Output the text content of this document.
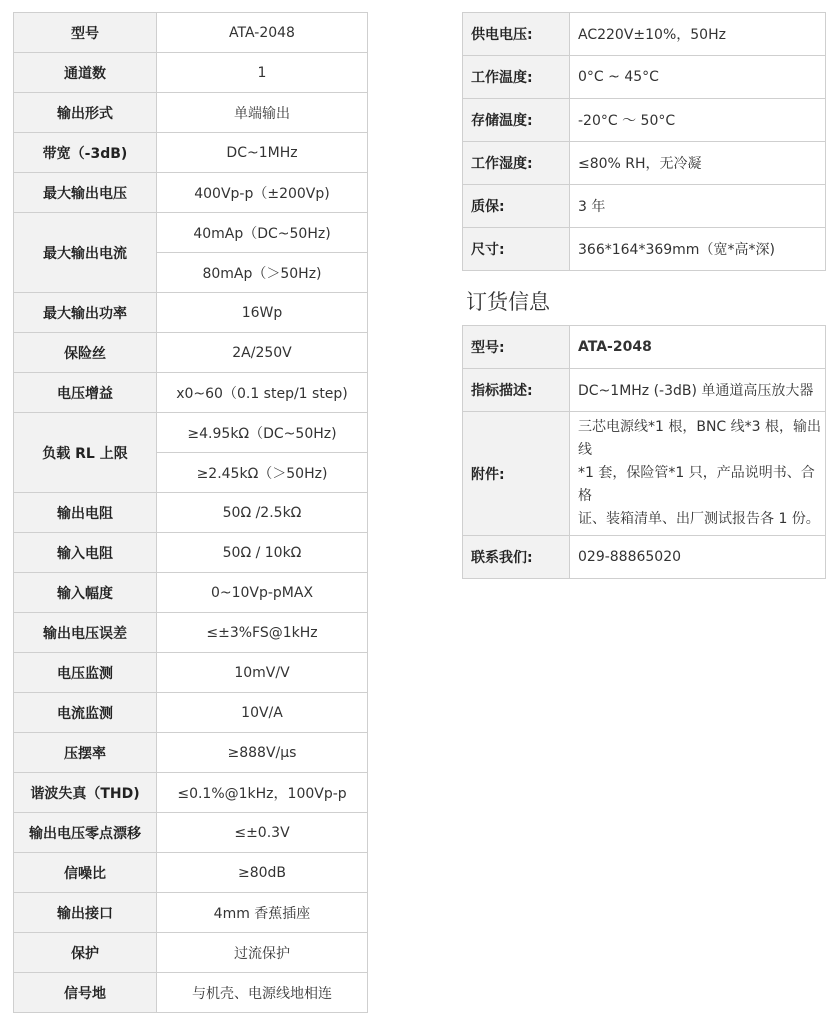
型号	ATA-2048
通道数	1
输出形式	单端输出
带宽（-3dB)	DC~1MHz
最大输出电压	400Vp-p（±200Vp)
最大输出电流	40mAp（DC~50Hz)
	80mAp（＞50Hz)
最大输出功率	16Wp
保险丝	2A/250V
电压增益	x0~60（0.1 step/1 step)
负载 RL 上限	≥4.95kΩ（DC~50Hz)
	≥2.45kΩ（＞50Hz)
输出电阻	50Ω /2.5kΩ
输入电阻	50Ω / 10kΩ
输入幅度	0~10Vp-pMAX
输出电压误差	≤±3%FS@1kHz
电压监测	10mV/V
电流监测	10V/A
压摆率	≥888V/μs
谐波失真（THD)	≤0.1%@1kHz，100Vp-p
输出电压零点漂移	≤±0.3V
信噪比	≥80dB
输出接口	4mm 香蕉插座
保护	过流保护
信号地	与机壳、电源线地相连
供电电压:	AC220V±10%，50Hz
工作温度:	0°C ~ 45°C
存储温度:	-20°C ～ 50°C
工作湿度:	≤80% RH，无冷凝
质保:	3 年
尺寸:	366*164*369mm（宽*高*深)
订货信息
型号:	ATA-2048
指标描述:	DC~1MHz (-3dB) 单通道高压放大器
附件:	三芯电源线*1 根，BNC 线*3 根，输出线
*1 套，保险管*1 只，产品说明书、合格
证、装箱清单、出厂测试报告各 1 份。

联系我们:	029-88865020
